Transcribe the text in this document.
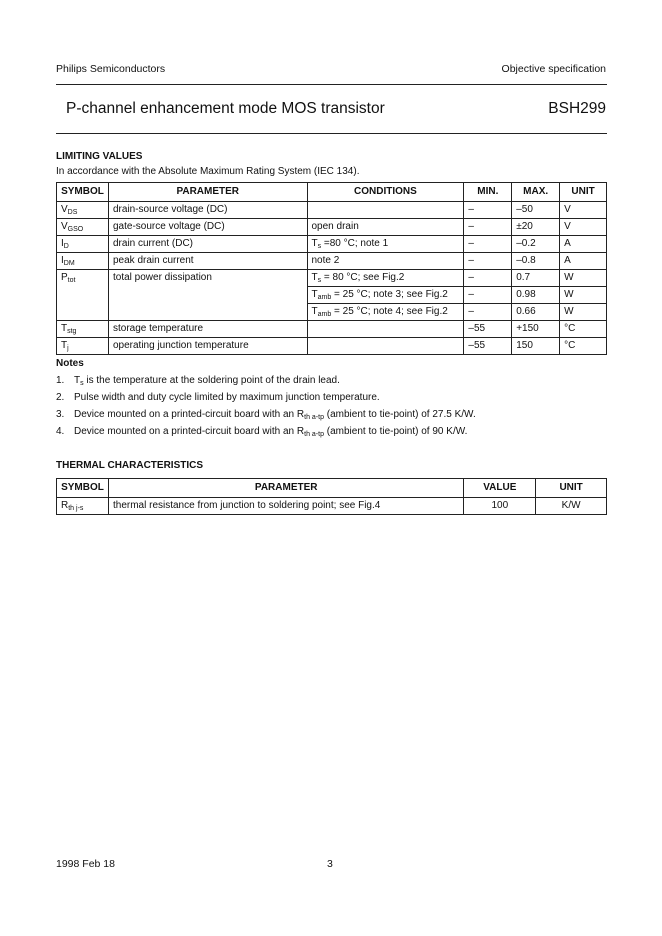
Philips Semiconductors	Objective specification
P-channel enhancement mode MOS transistor	BSH299
LIMITING VALUES
In accordance with the Absolute Maximum Rating System (IEC 134).
SYMBOL	PARAMETER	CONDITIONS	MIN.	MAX.	UNIT
$V_{DS}$	drain-source voltage (DC)		–	–50	V
$V_{GSO}$	gate-source voltage (DC)	open drain	–	±20	V
$I_D$	drain current (DC)	$T_s =80$ °C; note 1	–	–0.2	A
$I_{DM}$	peak drain current	note 2	–	–0.8	A
$P_{tot}$	total power dissipation	$T_s = 80$ °C; see Fig.2	–	0.7	W
		$T_{amb} = 25$ °C; note 3; see Fig.2	–	0.98	W
		$T_{amb} = 25$ °C; note 4; see Fig.2	–	0.66	W
$T_{stg}$	storage temperature		–55	+150	°C
$T_j$	operating junction temperature		–55	150	°C
Notes
1. $T_s$ is the temperature at the soldering point of the drain lead.
2. Pulse width and duty cycle limited by maximum junction temperature.
3. Device mounted on a printed-circuit board with an $R_{th a-tp}$ (ambient to tie-point) of 27.5 K/W.
4. Device mounted on a printed-circuit board with an $R_{th a-tp}$ (ambient to tie-point) of 90 K/W.
THERMAL CHARACTERISTICS
SYMBOL	PARAMETER	VALUE	UNIT
$R_{th j-s}$	thermal resistance from junction to soldering point; see Fig.4	100	K/W
1998 Feb 18	3
